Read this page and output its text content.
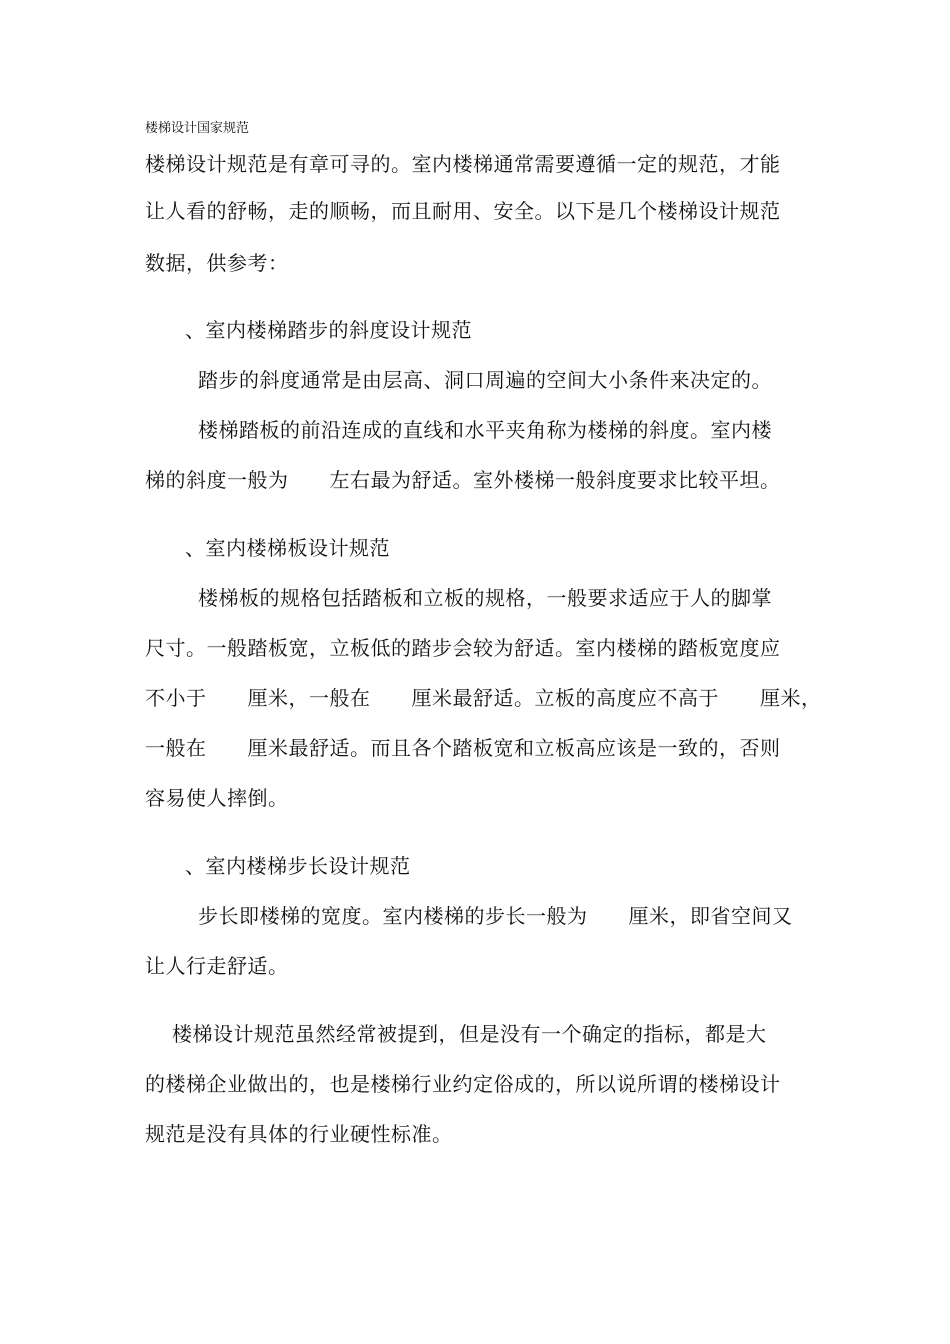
楼梯设计国家规范
楼梯设计规范是有章可寻的。室内楼梯通常需要遵循一定的规范，才能
让人看的舒畅，走的顺畅，而且耐用、安全。以下是几个楼梯设计规范
数据，供参考：
、室内楼梯踏步的斜度设计规范
踏步的斜度通常是由层高、洞口周遍的空间大小条件来决定的。
楼梯踏板的前沿连成的直线和水平夹角称为楼梯的斜度。室内楼
梯的斜度一般为　　左右最为舒适。室外楼梯一般斜度要求比较平坦。
、室内楼梯板设计规范
楼梯板的规格包括踏板和立板的规格，一般要求适应于人的脚掌
尺寸。一般踏板宽，立板低的踏步会较为舒适。室内楼梯的踏板宽度应
不小于　　厘米，一般在　　厘米最舒适。立板的高度应不高于　　厘米，
一般在　　厘米最舒适。而且各个踏板宽和立板高应该是一致的，否则
容易使人摔倒。
、室内楼梯步长设计规范
步长即楼梯的宽度。室内楼梯的步长一般为　　厘米，即省空间又
让人行走舒适。
楼梯设计规范虽然经常被提到，但是没有一个确定的指标，都是大
的楼梯企业做出的，也是楼梯行业约定俗成的，所以说所谓的楼梯设计
规范是没有具体的行业硬性标准。
